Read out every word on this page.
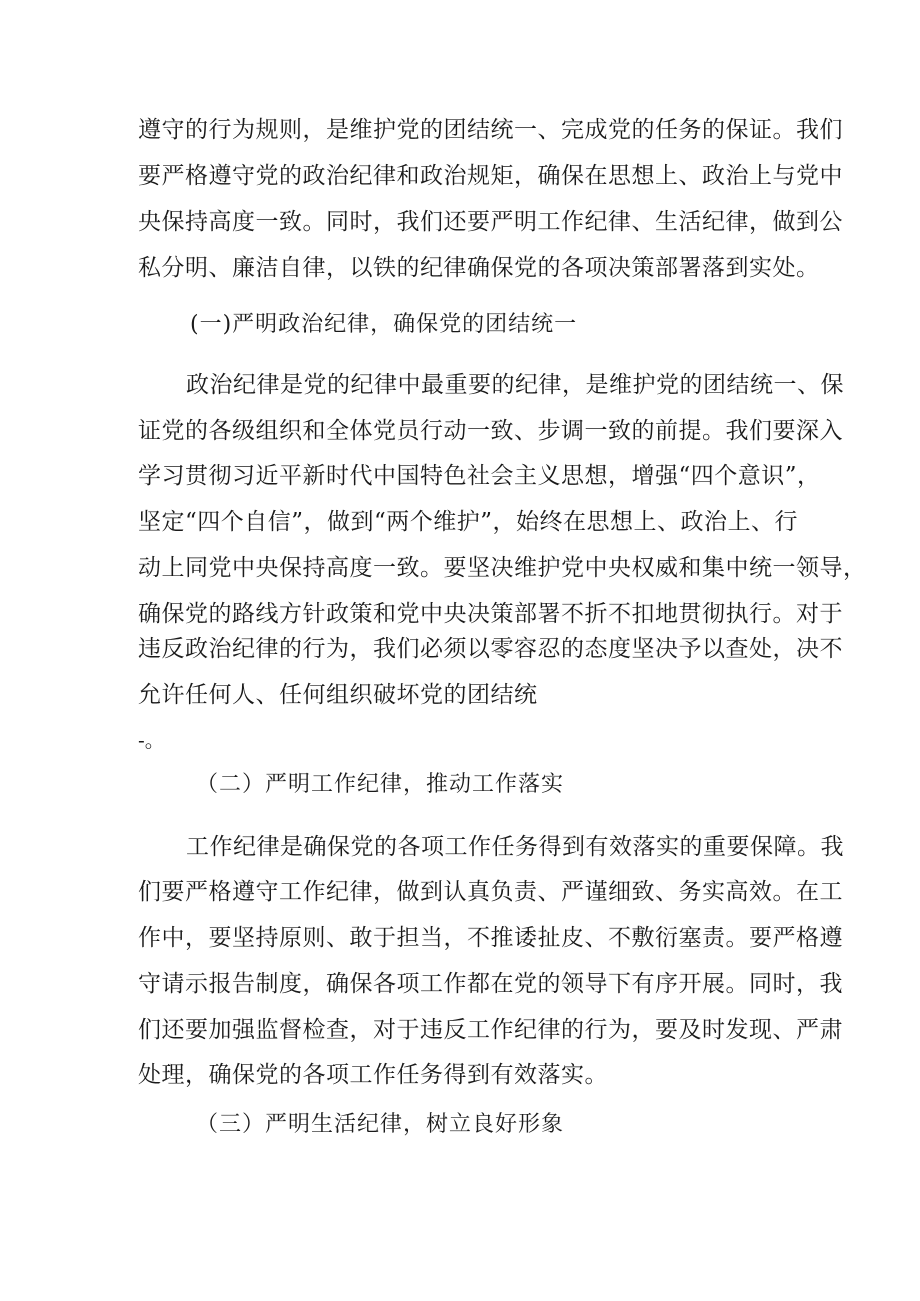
遵守的行为规则，是维护党的团结统一、完成党的任务的保证。我们
要严格遵守党的政治纪律和政治规矩，确保在思想上、政治上与党中
央保持高度一致。同时，我们还要严明工作纪律、生活纪律，做到公
私分明、廉洁自律，以铁的纪律确保党的各项决策部署落到实处。
(一)严明政治纪律，确保党的团结统一
政治纪律是党的纪律中最重要的纪律，是维护党的团结统一、保
证党的各级组织和全体党员行动一致、步调一致的前提。我们要深入
学习贯彻习近平新时代中国特色社会主义思想，增强“四个意识”，
坚定“四个自信”，做到“两个维护”，始终在思想上、政治上、行
动上同党中央保持高度一致。要坚决维护党中央权威和集中统一领导，
确保党的路线方针政策和党中央决策部署不折不扣地贯彻执行。对于
违反政治纪律的行为，我们必须以零容忍的态度坚决予以查处，决不
允许任何人、任何组织破坏党的团结统
-。
（二）严明工作纪律，推动工作落实
工作纪律是确保党的各项工作任务得到有效落实的重要保障。我
们要严格遵守工作纪律，做到认真负责、严谨细致、务实高效。在工
作中，要坚持原则、敢于担当，不推诿扯皮、不敷衍塞责。要严格遵
守请示报告制度，确保各项工作都在党的领导下有序开展。同时，我
们还要加强监督检查，对于违反工作纪律的行为，要及时发现、严肃
处理，确保党的各项工作任务得到有效落实。
（三）严明生活纪律，树立良好形象
